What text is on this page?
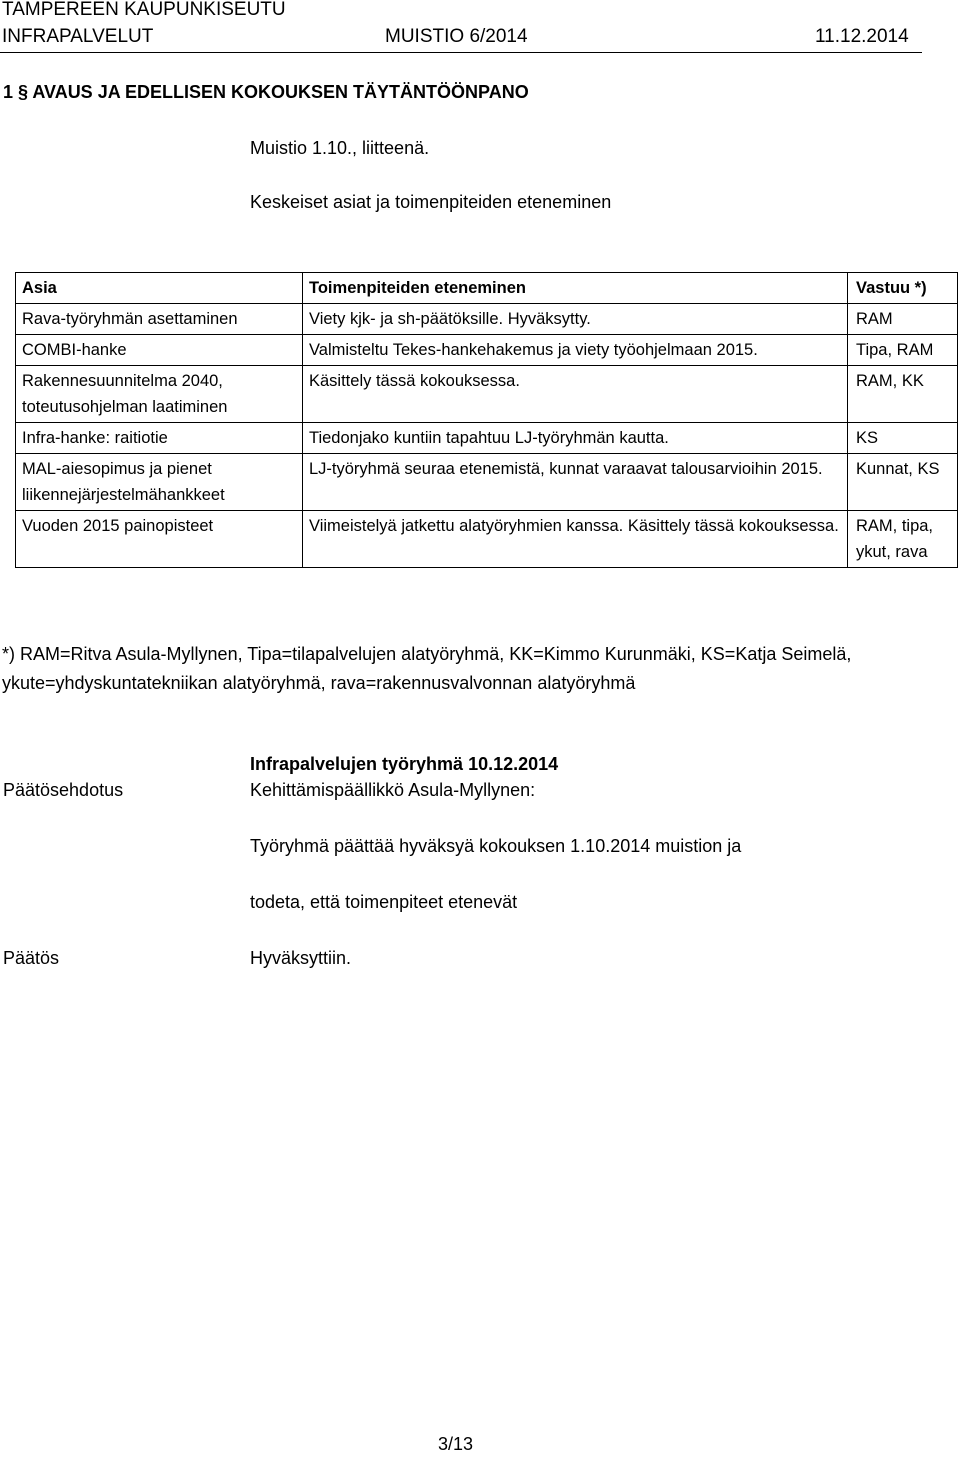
TAMPEREEN KAUPUNKISEUTU
INFRAPALVELUT	MUISTIO 6/2014	11.12.2014
1 § AVAUS JA EDELLISEN KOKOUKSEN TÄYTÄNTÖÖNPANO
Muistio 1.10., liitteenä.
Keskeiset asiat ja toimenpiteiden eteneminen
Asia	Toimenpiteiden eteneminen	Vastuu *)
Rava-työryhmän asettaminen	Viety kjk- ja sh-päätöksille. Hyväksytty.	RAM
COMBI-hanke	Valmisteltu Tekes-hankehakemus ja viety työohjelmaan 2015.	Tipa, RAM
Rakennesuunnitelma 2040, toteutusohjelman laatiminen	Käsittely tässä kokouksessa.	RAM, KK
Infra-hanke: raitiotie	Tiedonjako kuntiin tapahtuu LJ-työryhmän kautta.	KS
MAL-aiesopimus ja pienet liikennejärjestelmähankkeet	LJ-työryhmä seuraa etenemistä, kunnat varaavat talousarvioihin 2015.	Kunnat, KS
Vuoden 2015 painopisteet	Viimeistelyä jatkettu alatyöryhmien kanssa. Käsittely tässä kokouksessa.	RAM, tipa, ykut, rava
*) RAM=Ritva Asula-Myllynen, Tipa=tilapalvelujen alatyöryhmä, KK=Kimmo Kurunmäki, KS=Katja Seimelä, ykute=yhdyskuntatekniikan alatyöryhmä, rava=rakennusvalvonnan alatyöryhmä
Päätösehdotus
Infrapalvelujen työryhmä 10.12.2014
Kehittämispäällikkö Asula-Myllynen:
Työryhmä päättää hyväksyä kokouksen 1.10.2014 muistion ja
todeta, että toimenpiteet etenevät
Päätös	Hyväksyttiin.
3/13
